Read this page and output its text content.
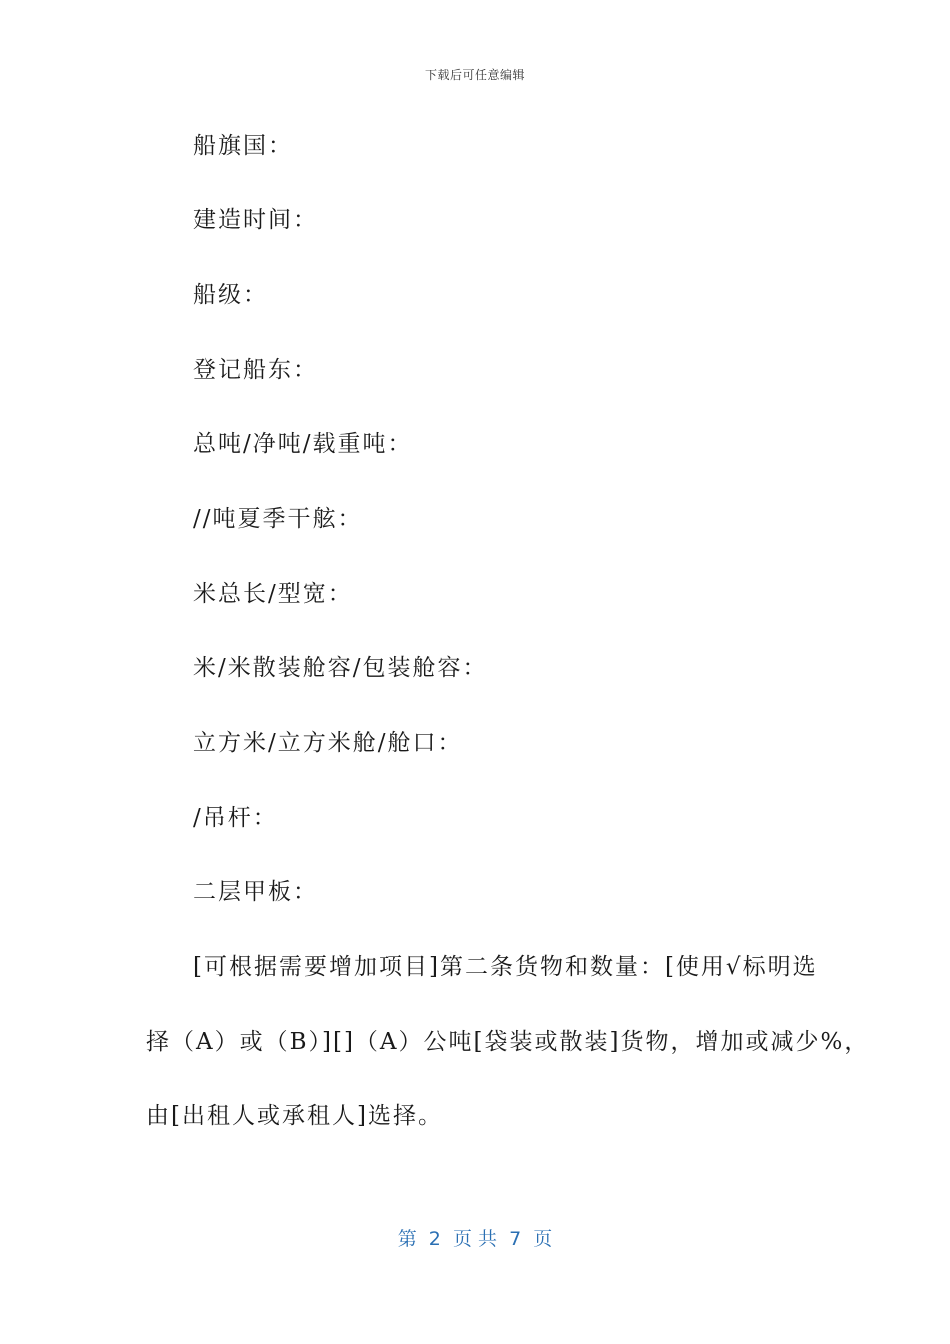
下载后可任意编辑
船旗国：
建造时间：
船级：
登记船东：
总吨/净吨/载重吨：
//吨夏季干舷：
米总长/型宽：
米/米散装舱容/包装舱容：
立方米/立方米舱/舱口：
/吊杆：
二层甲板：
[可根据需要增加项目]第二条货物和数量：[使用√标明选
择（A）或（B）][]（A）公吨[袋装或散装]货物，增加或减少%，
由[出租人或承租人]选择。
第  2  页 共  7  页
